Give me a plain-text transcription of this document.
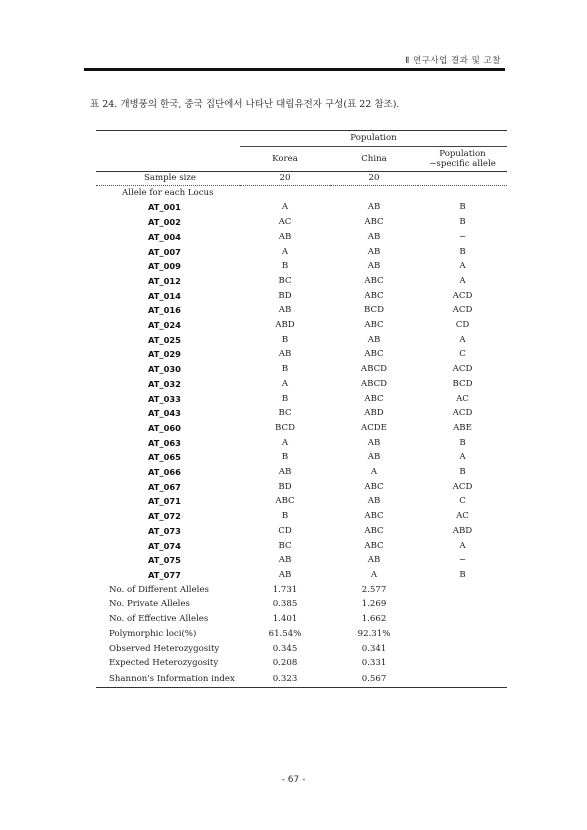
Ⅱ 연구사업 결과 및 고찰
표 24. 개병풍의 한국, 중국 집단에서 나타난 대립유전자 구성(표 22 참조).
	Population		
	Korea	China	Population
−specific allele
Sample size	20	20	
Allele for each Locus			
AT_001	A	AB	B
AT_002	AC	ABC	B
AT_004	AB	AB	−
AT_007	A	AB	B
AT_009	B	AB	A
AT_012	BC	ABC	A
AT_014	BD	ABC	ACD
AT_016	AB	BCD	ACD
AT_024	ABD	ABC	CD
AT_025	B	AB	A
AT_029	AB	ABC	C
AT_030	B	ABCD	ACD
AT_032	A	ABCD	BCD
AT_033	B	ABC	AC
AT_043	BC	ABD	ACD
AT_060	BCD	ACDE	ABE
AT_063	A	AB	B
AT_065	B	AB	A
AT_066	AB	A	B
AT_067	BD	ABC	ACD
AT_071	ABC	AB	C
AT_072	B	ABC	AC
AT_073	CD	ABC	ABD
AT_074	BC	ABC	A
AT_075	AB	AB	−
AT_077	AB	A	B
No. of Different Alleles	1.731	2.577	
No. Private Alleles	0.385	1.269	
No. of Effective Alleles	1.401	1.662	
Polymorphic loci(%)	61.54%	92.31%	
Observed Heterozygosity	0.345	0.341	
Expected Heterozygosity	0.208	0.331	
Shannon's Information index	0.323	0.567	
- 67 -
